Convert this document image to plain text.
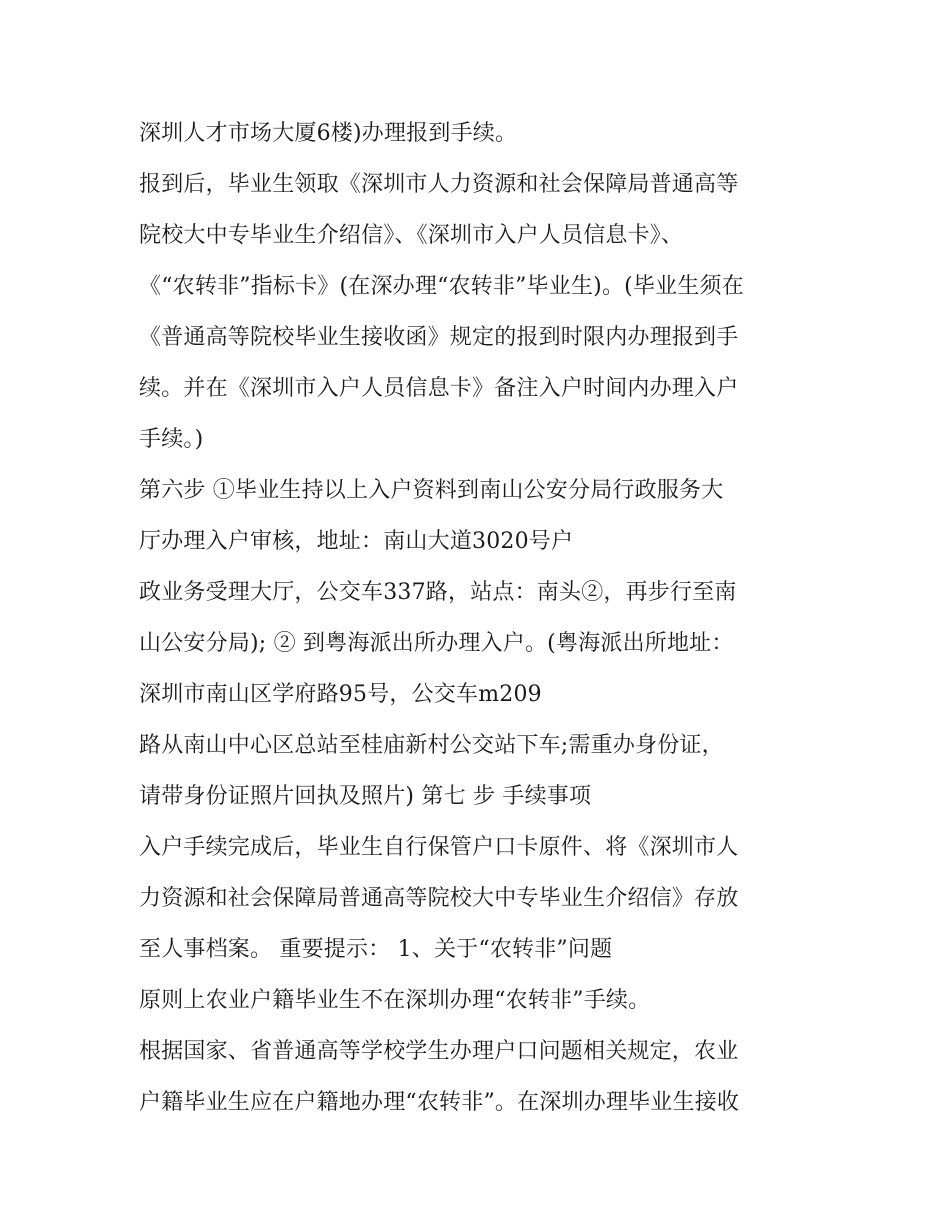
深圳人才市场大厦6楼)办理报到手续。
报到后，毕业生领取《深圳市人力资源和社会保障局普通高等
院校大中专毕业生介绍信》、《深圳市入户人员信息卡》、
《“农转非”指标卡》(在深办理“农转非”毕业生)。(毕业生须在
《普通高等院校毕业生接收函》规定的报到时限内办理报到手
续。并在《深圳市入户人员信息卡》备注入户时间内办理入户
手续。)
第六步 ①毕业生持以上入户资料到南山公安分局行政服务大
厅办理入户审核，地址：南山大道3020号户
政业务受理大厅，公交车337路，站点：南头②，再步行至南
山公安分局); ② 到粤海派出所办理入户。(粤海派出所地址：
深圳市南山区学府路95号，公交车m209
路从南山中心区总站至桂庙新村公交站下车;需重办身份证，
请带身份证照片回执及照片) 第七 步 手续事项
入户手续完成后，毕业生自行保管户口卡原件、将《深圳市人
力资源和社会保障局普通高等院校大中专毕业生介绍信》存放
至人事档案。 重要提示： 1、关于“农转非”问题
原则上农业户籍毕业生不在深圳办理“农转非”手续。
根据国家、省普通高等学校学生办理户口问题相关规定，农业
户籍毕业生应在户籍地办理“农转非”。在深圳办理毕业生接收
